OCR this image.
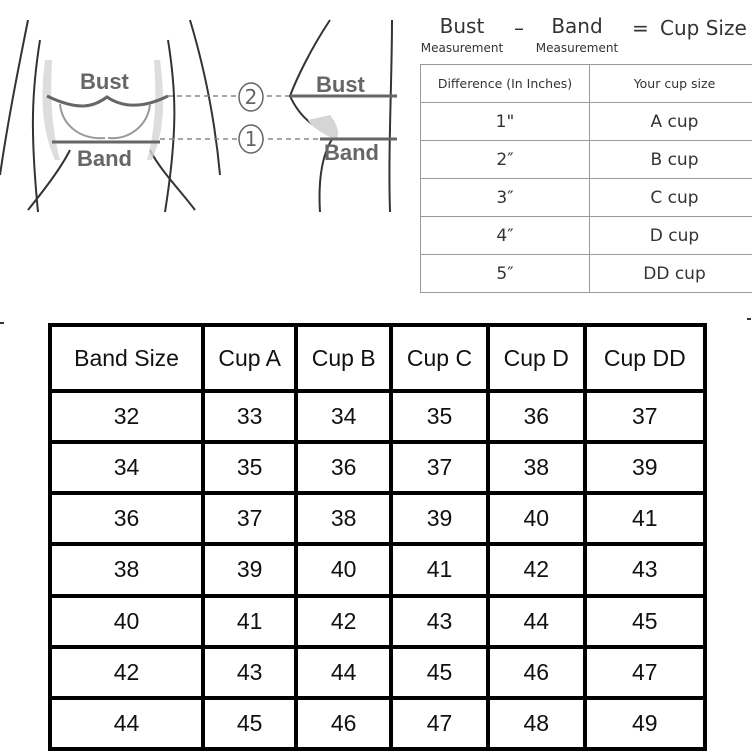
Bust
Band
2
1
Bust
Band
Bust
Measurement
–	Band
Measurement
= Cup Size
Difference (In Inches)	Your cup size
1"	A cup
2″	B cup
3″	C cup
4″	D cup
5″	DD cup
Band Size	Cup A	Cup B	Cup C	Cup D	Cup DD
32	33	34	35	36	37
34	35	36	37	38	39
36	37	38	39	40	41
38	39	40	41	42	43
40	41	42	43	44	45
42	43	44	45	46	47
44	45	46	47	48	49
